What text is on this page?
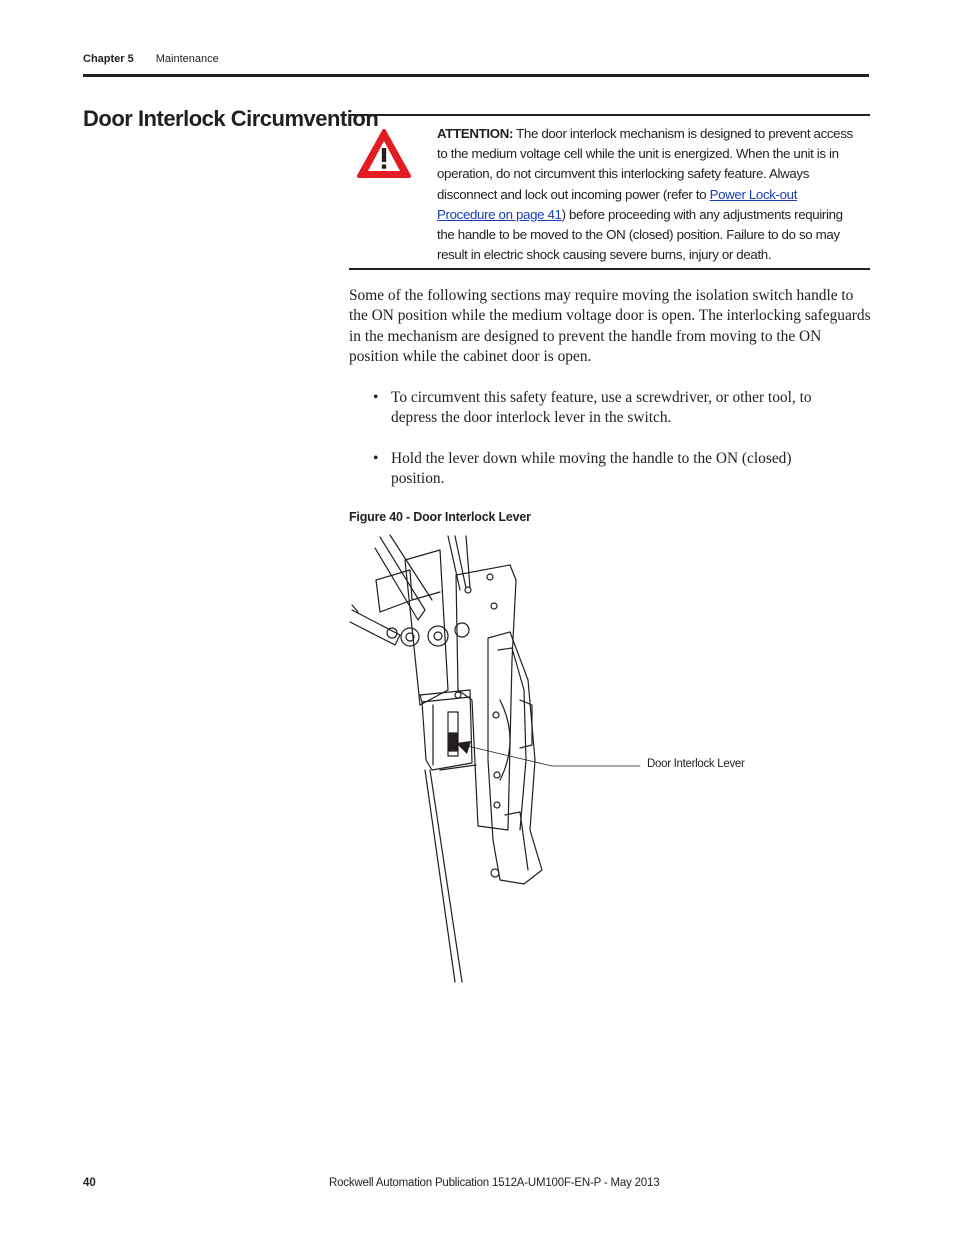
Chapter 5 Maintenance
Door Interlock Circumvention
ATTENTION: The door interlock mechanism is designed to prevent access to the medium voltage cell while the unit is energized. When the unit is in operation, do not circumvent this interlocking safety feature. Always disconnect and lock out incoming power (refer to Power Lock-out Procedure on page 41) before proceeding with any adjustments requiring the handle to be moved to the ON (closed) position. Failure to do so may result in electric shock causing severe burns, injury or death.
Some of the following sections may require moving the isolation switch handle to the ON position while the medium voltage door is open. The interlocking safeguards in the mechanism are designed to prevent the handle from moving to the ON position while the cabinet door is open.
• To circumvent this safety feature, use a screwdriver, or other tool, to depress the door interlock lever in the switch.
• Hold the lever down while moving the handle to the ON (closed) position.
Figure 40 - Door Interlock Lever
Door Interlock Lever
40	Rockwell Automation Publication 1512A-UM100F-EN-P - May 2013
